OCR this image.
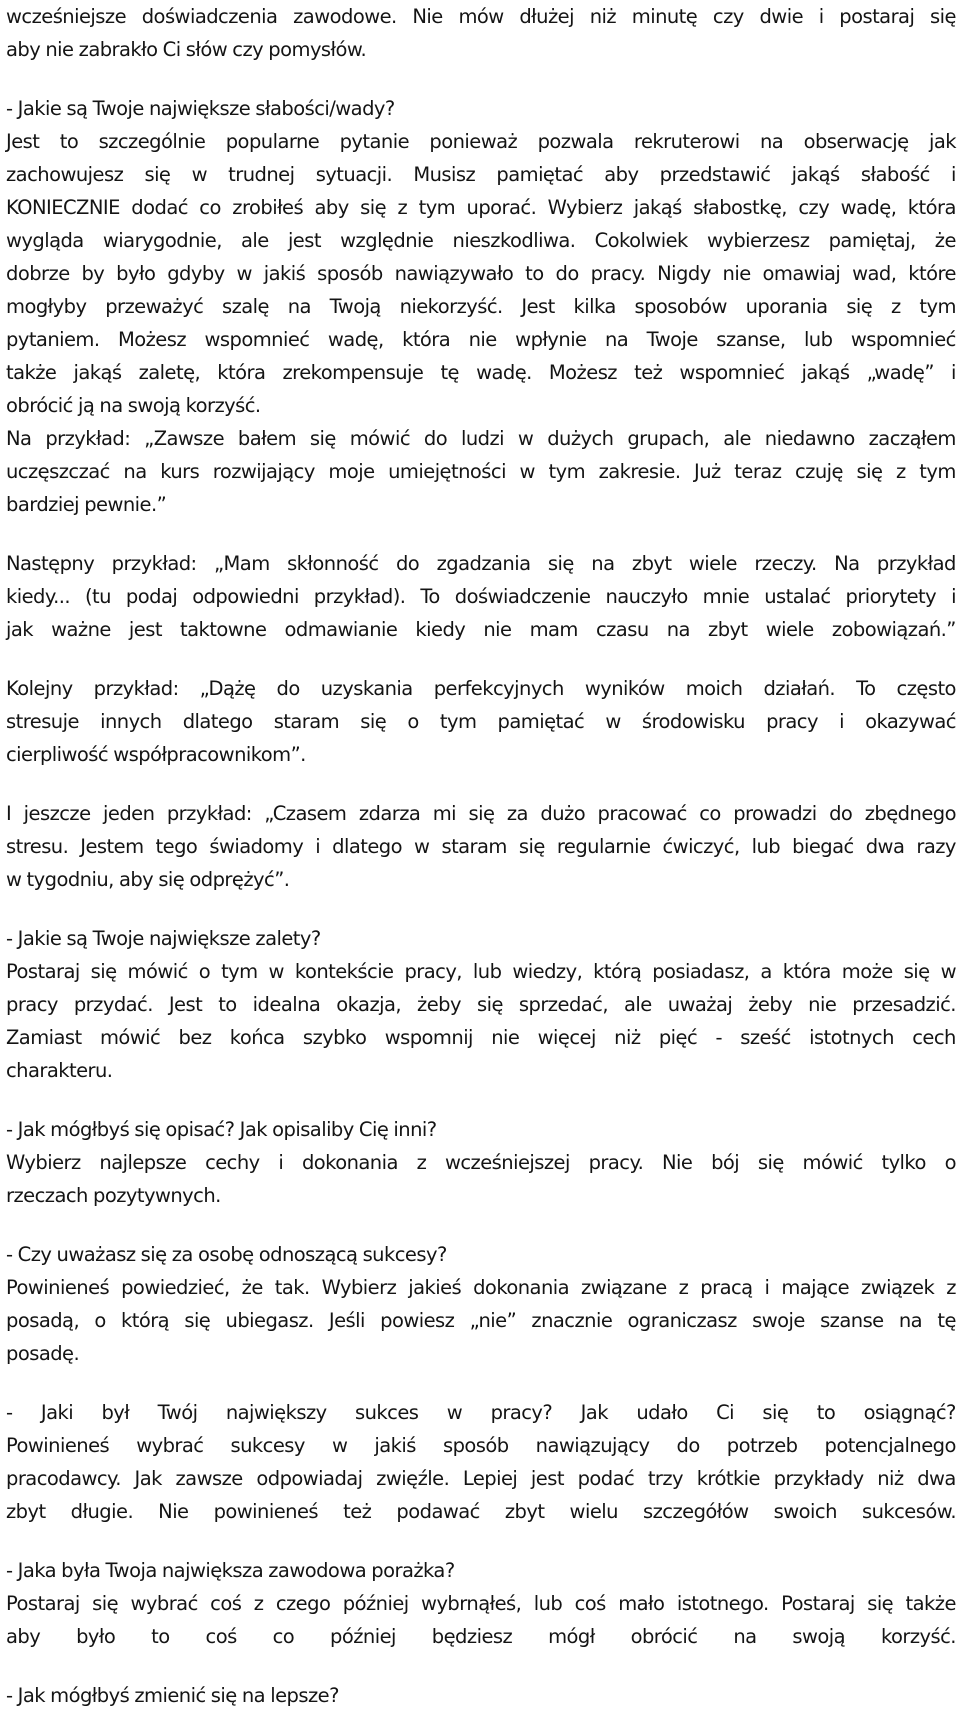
wcześniejsze doświadczenia zawodowe. Nie mów dłużej niż minutę czy dwie i postaraj się
aby nie zabrakło Ci słów czy pomysłów.
- Jakie są Twoje największe słabości/wady?
Jest to szczególnie popularne pytanie ponieważ pozwala rekruterowi na obserwację jak
zachowujesz się w trudnej sytuacji. Musisz pamiętać aby przedstawić jakąś słabość i
KONIECZNIE dodać co zrobiłeś aby się z tym uporać. Wybierz jakąś słabostkę, czy wadę, która
wygląda wiarygodnie, ale jest względnie nieszkodliwa. Cokolwiek wybierzesz pamiętaj, że
dobrze by było gdyby w jakiś sposób nawiązywało to do pracy. Nigdy nie omawiaj wad, które
mogłyby przeważyć szalę na Twoją niekorzyść. Jest kilka sposobów uporania się z tym
pytaniem. Możesz wspomnieć wadę, która nie wpłynie na Twoje szanse, lub wspomnieć
także jakąś zaletę, która zrekompensuje tę wadę. Możesz też wspomnieć jakąś „wadę” i
obrócić ją na swoją korzyść.
Na przykład: „Zawsze bałem się mówić do ludzi w dużych grupach, ale niedawno zacząłem
uczęszczać na kurs rozwijający moje umiejętności w tym zakresie. Już teraz czuję się z tym
bardziej pewnie.”
Następny przykład: „Mam skłonność do zgadzania się na zbyt wiele rzeczy. Na przykład
kiedy... (tu podaj odpowiedni przykład). To doświadczenie nauczyło mnie ustalać priorytety i
jak ważne jest taktowne odmawianie kiedy nie mam czasu na zbyt wiele zobowiązań.”
Kolejny przykład: „Dążę do uzyskania perfekcyjnych wyników moich działań. To często
stresuje innych dlatego staram się o tym pamiętać w środowisku pracy i okazywać
cierpliwość współpracownikom”.
I jeszcze jeden przykład: „Czasem zdarza mi się za dużo pracować co prowadzi do zbędnego
stresu. Jestem tego świadomy i dlatego w staram się regularnie ćwiczyć, lub biegać dwa razy
w tygodniu, aby się odprężyć”.
- Jakie są Twoje największe zalety?
Postaraj się mówić o tym w kontekście pracy, lub wiedzy, którą posiadasz, a która może się w
pracy przydać. Jest to idealna okazja, żeby się sprzedać, ale uważaj żeby nie przesadzić.
Zamiast mówić bez końca szybko wspomnij nie więcej niż pięć - sześć istotnych cech
charakteru.
- Jak mógłbyś się opisać? Jak opisaliby Cię inni?
Wybierz najlepsze cechy i dokonania z wcześniejszej pracy. Nie bój się mówić tylko o
rzeczach pozytywnych.
- Czy uważasz się za osobę odnoszącą sukcesy?
Powinieneś powiedzieć, że tak. Wybierz jakieś dokonania związane z pracą i mające związek z
posadą, o którą się ubiegasz. Jeśli powiesz „nie” znacznie ograniczasz swoje szanse na tę
posadę.
- Jaki był Twój największy sukces w pracy? Jak udało Ci się to osiągnąć?
Powinieneś wybrać sukcesy w jakiś sposób nawiązujący do potrzeb potencjalnego
pracodawcy. Jak zawsze odpowiadaj zwięźle. Lepiej jest podać trzy krótkie przykłady niż dwa
zbyt długie. Nie powinieneś też podawać zbyt wielu szczegółów swoich sukcesów.
- Jaka była Twoja największa zawodowa porażka?
Postaraj się wybrać coś z czego później wybrnąłeś, lub coś mało istotnego. Postaraj się także
aby było to coś co później będziesz mógł obrócić na swoją korzyść.
- Jak mógłbyś zmienić się na lepsze?
